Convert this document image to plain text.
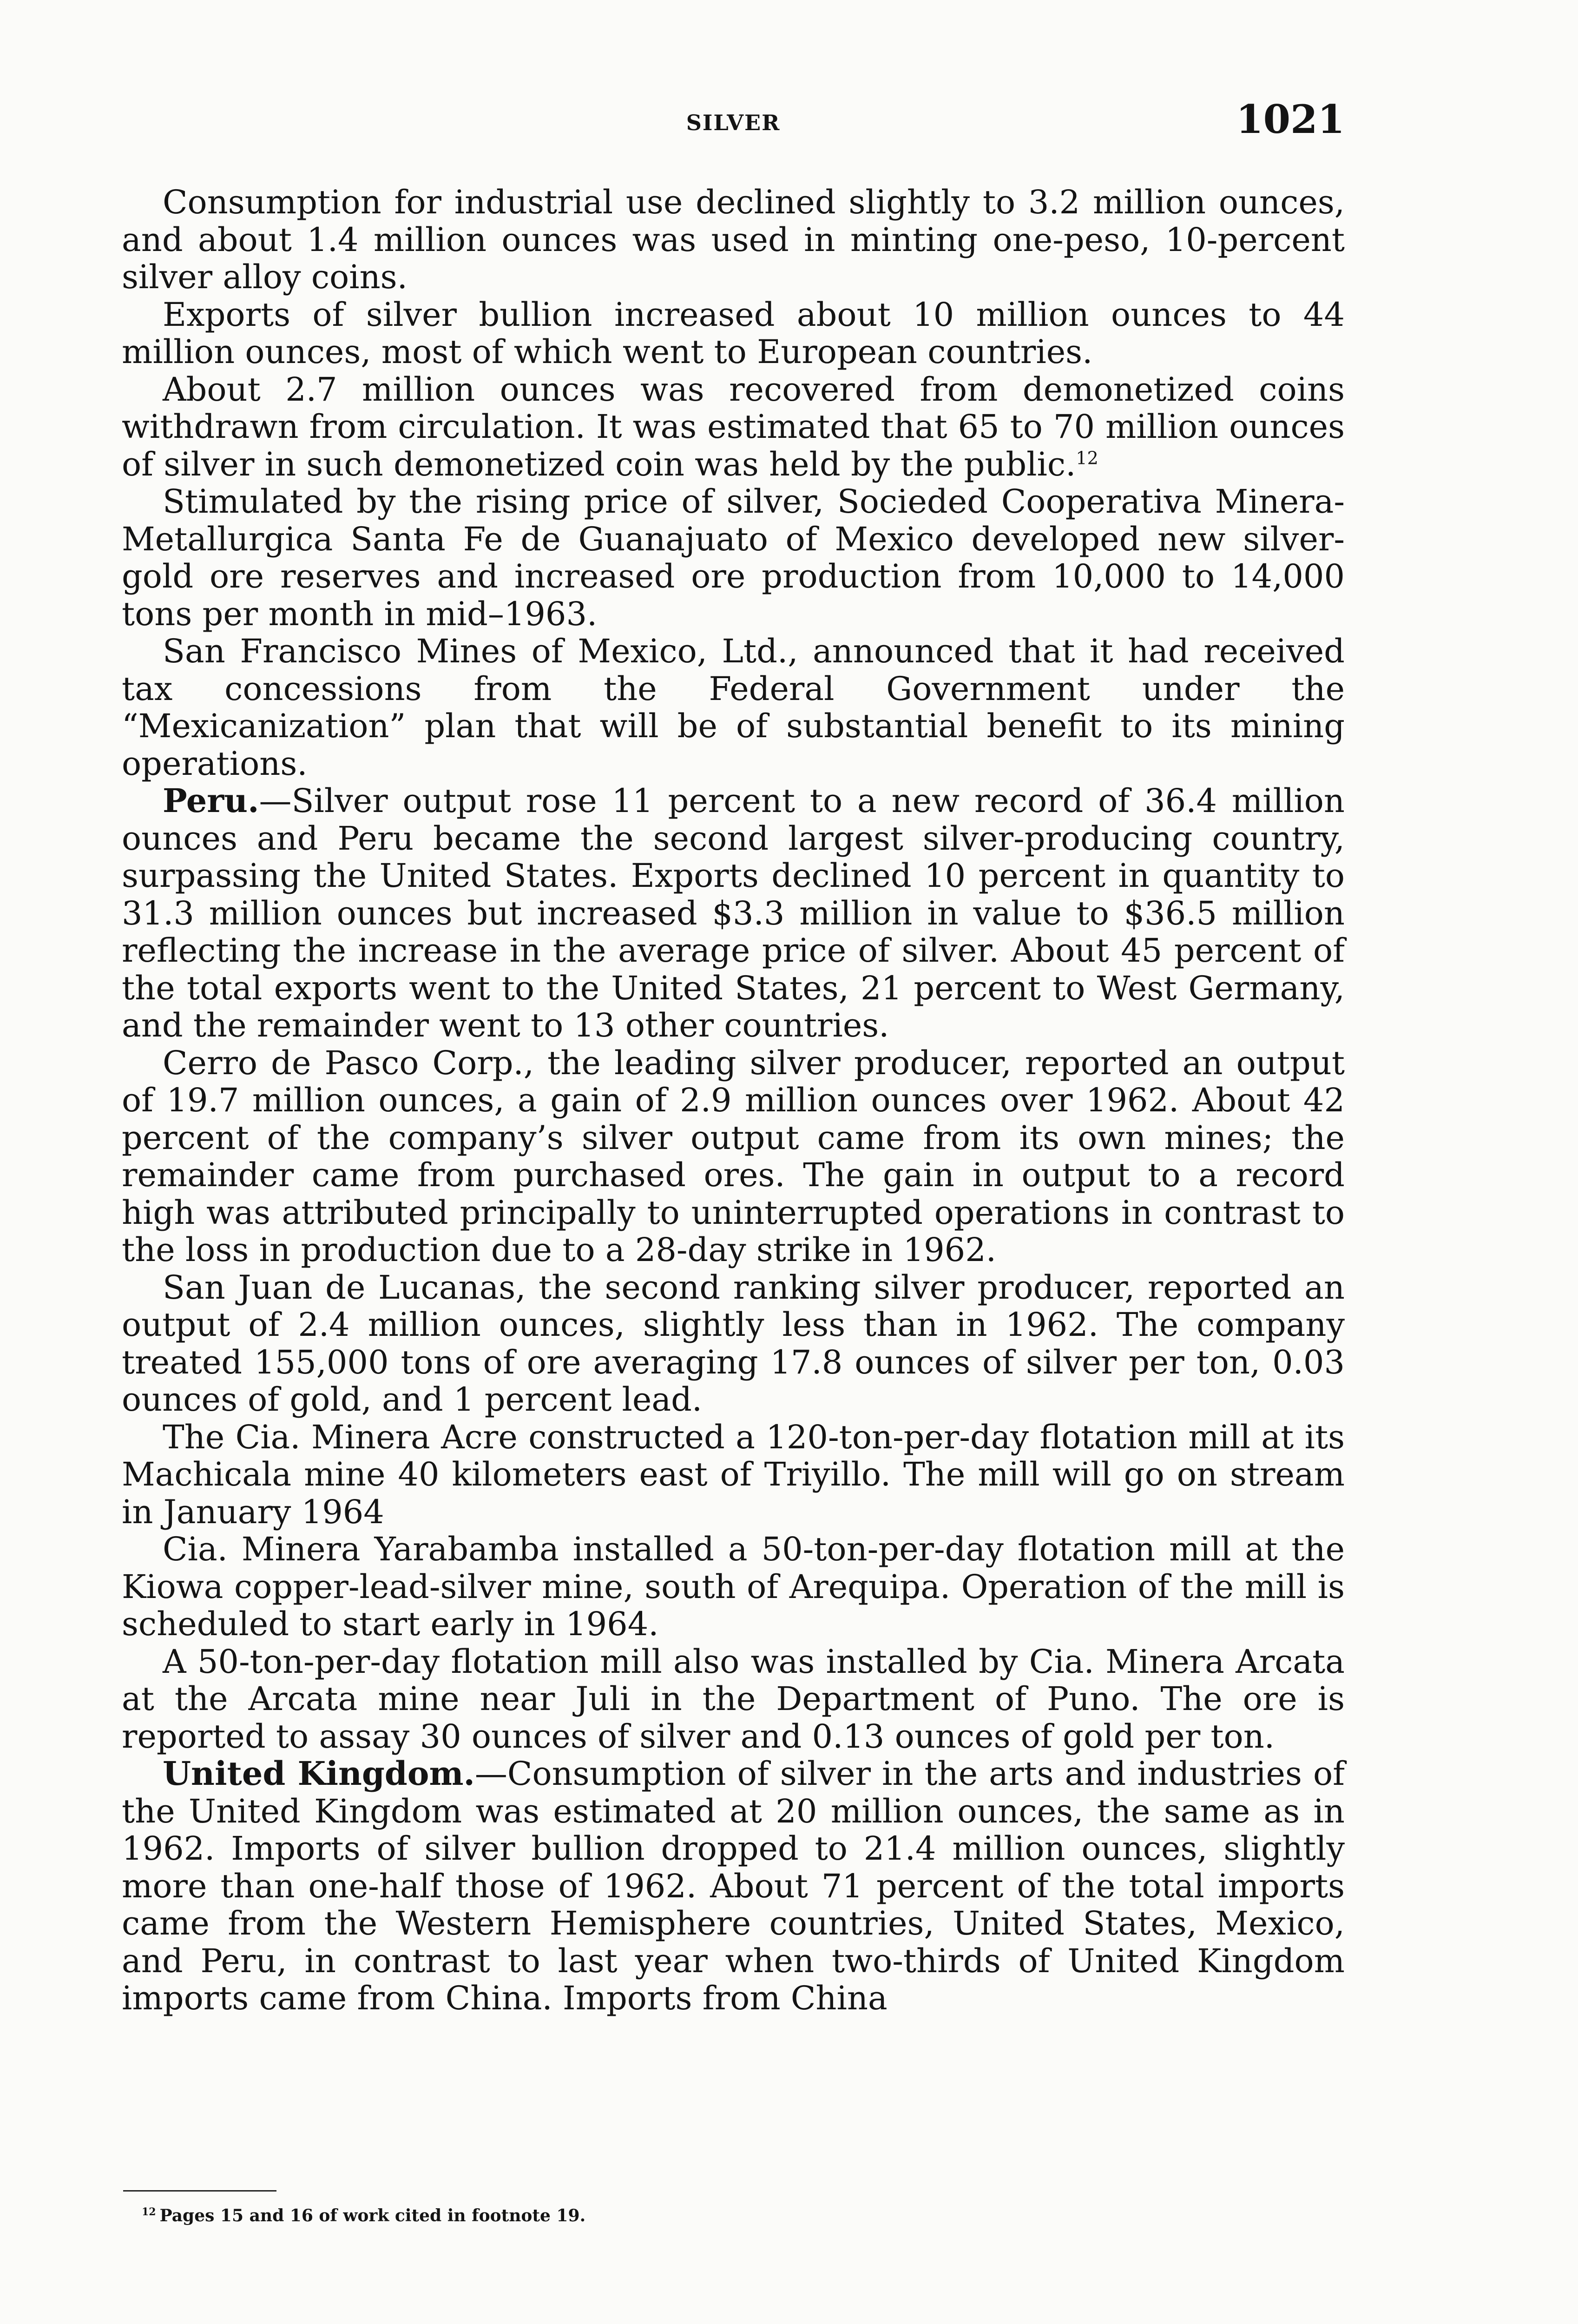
SILVER	1021

Consumption for industrial use declined slightly to 3.2 million ounces, and about 1.4 million ounces was used in minting one-peso, 10-percent silver alloy coins.

Exports of silver bullion increased about 10 million ounces to 44 million ounces, most of which went to European countries.

About 2.7 million ounces was recovered from demonetized coins withdrawn from circulation. It was estimated that 65 to 70 million ounces of silver in such demonetized coin was held by the public.$^{12}$

Stimulated by the rising price of silver, Socieded Cooperativa Minera-Metallurgica Santa Fe de Guanajuato of Mexico developed new silver-gold ore reserves and increased ore production from 10,000 to 14,000 tons per month in mid–1963.

San Francisco Mines of Mexico, Ltd., announced that it had received tax concessions from the Federal Government under the “Mexicanization” plan that will be of substantial benefit to its mining operations.

Peru.—Silver output rose 11 percent to a new record of 36.4 million ounces and Peru became the second largest silver-producing country, surpassing the United States. Exports declined 10 percent in quantity to 31.3 million ounces but increased $3.3 million in value to $36.5 million reflecting the increase in the average price of silver. About 45 percent of the total exports went to the United States, 21 percent to West Germany, and the remainder went to 13 other countries.

Cerro de Pasco Corp., the leading silver producer, reported an output of 19.7 million ounces, a gain of 2.9 million ounces over 1962. About 42 percent of the company’s silver output came from its own mines; the remainder came from purchased ores. The gain in output to a record high was attributed principally to uninterrupted operations in contrast to the loss in production due to a 28-day strike in 1962.

San Juan de Lucanas, the second ranking silver producer, reported an output of 2.4 million ounces, slightly less than in 1962. The company treated 155,000 tons of ore averaging 17.8 ounces of silver per ton, 0.03 ounces of gold, and 1 percent lead.

The Cia. Minera Acre constructed a 120-ton-per-day flotation mill at its Machicala mine 40 kilometers east of Triyillo. The mill will go on stream in January 1964

Cia. Minera Yarabamba installed a 50-ton-per-day flotation mill at the Kiowa copper-lead-silver mine, south of Arequipa. Operation of the mill is scheduled to start early in 1964.

A 50-ton-per-day flotation mill also was installed by Cia. Minera Arcata at the Arcata mine near Juli in the Department of Puno. The ore is reported to assay 30 ounces of silver and 0.13 ounces of gold per ton.

United Kingdom.—Consumption of silver in the arts and industries of the United Kingdom was estimated at 20 million ounces, the same as in 1962. Imports of silver bullion dropped to 21.4 million ounces, slightly more than one-half those of 1962. About 71 percent of the total imports came from the Western Hemisphere countries, United States, Mexico, and Peru, in contrast to last year when two-thirds of United Kingdom imports came from China. Imports from China

$^{12}$ Pages 15 and 16 of work cited in footnote 19.
